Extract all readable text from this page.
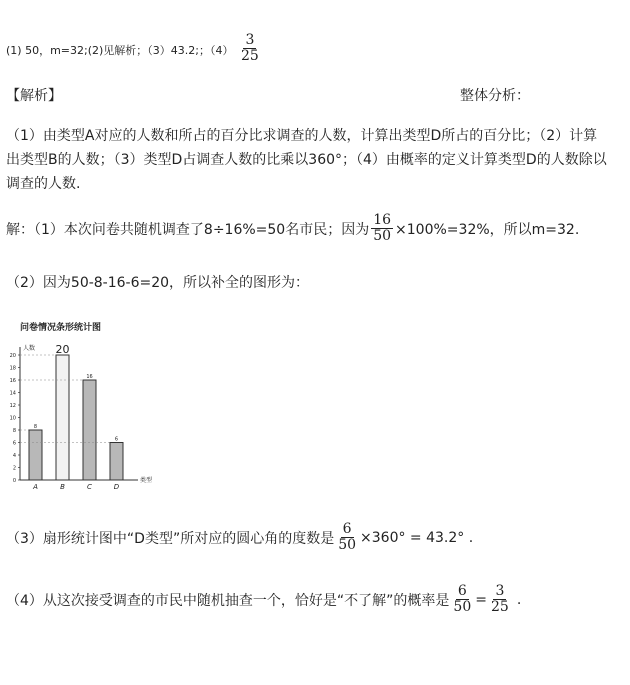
(1) 50，m=32;(2)见解析；（3）43.2;；$(4) \frac{3}{25}$
【解析】	整体分析：
（1）由类型A对应的人数和所占的百分比求调查的人数，计算出类型D所占的百分比；（2）计算出类型B的人数；（3）类型D占调查人数的比乘以360°；（4）由概率的定义计算类型D的人数除以调查的人数.
解：（1）本次问卷共随机调查了8÷16%=50名市民；因为 $\frac{16}{50} \times 100\%=32\%$，所以m=32.
（2）因为50-8-16-6=20，所以补全的图形为：
问卷情况条形统计图
人数
类型
0
2
4
6
8
10
12
14
16
18
20
8
A
20
B
16
C
6
D
（3）扇形统计图中“D类型”所对应的圆心角的度数是 $\frac{6}{50} \times 360^\circ = 43.2^\circ$ .
（4）从这次接受调查的市民中随机抽查一个，恰好是“不了解”的概率是 $\frac{6}{50} = \frac{3}{25}$ .
